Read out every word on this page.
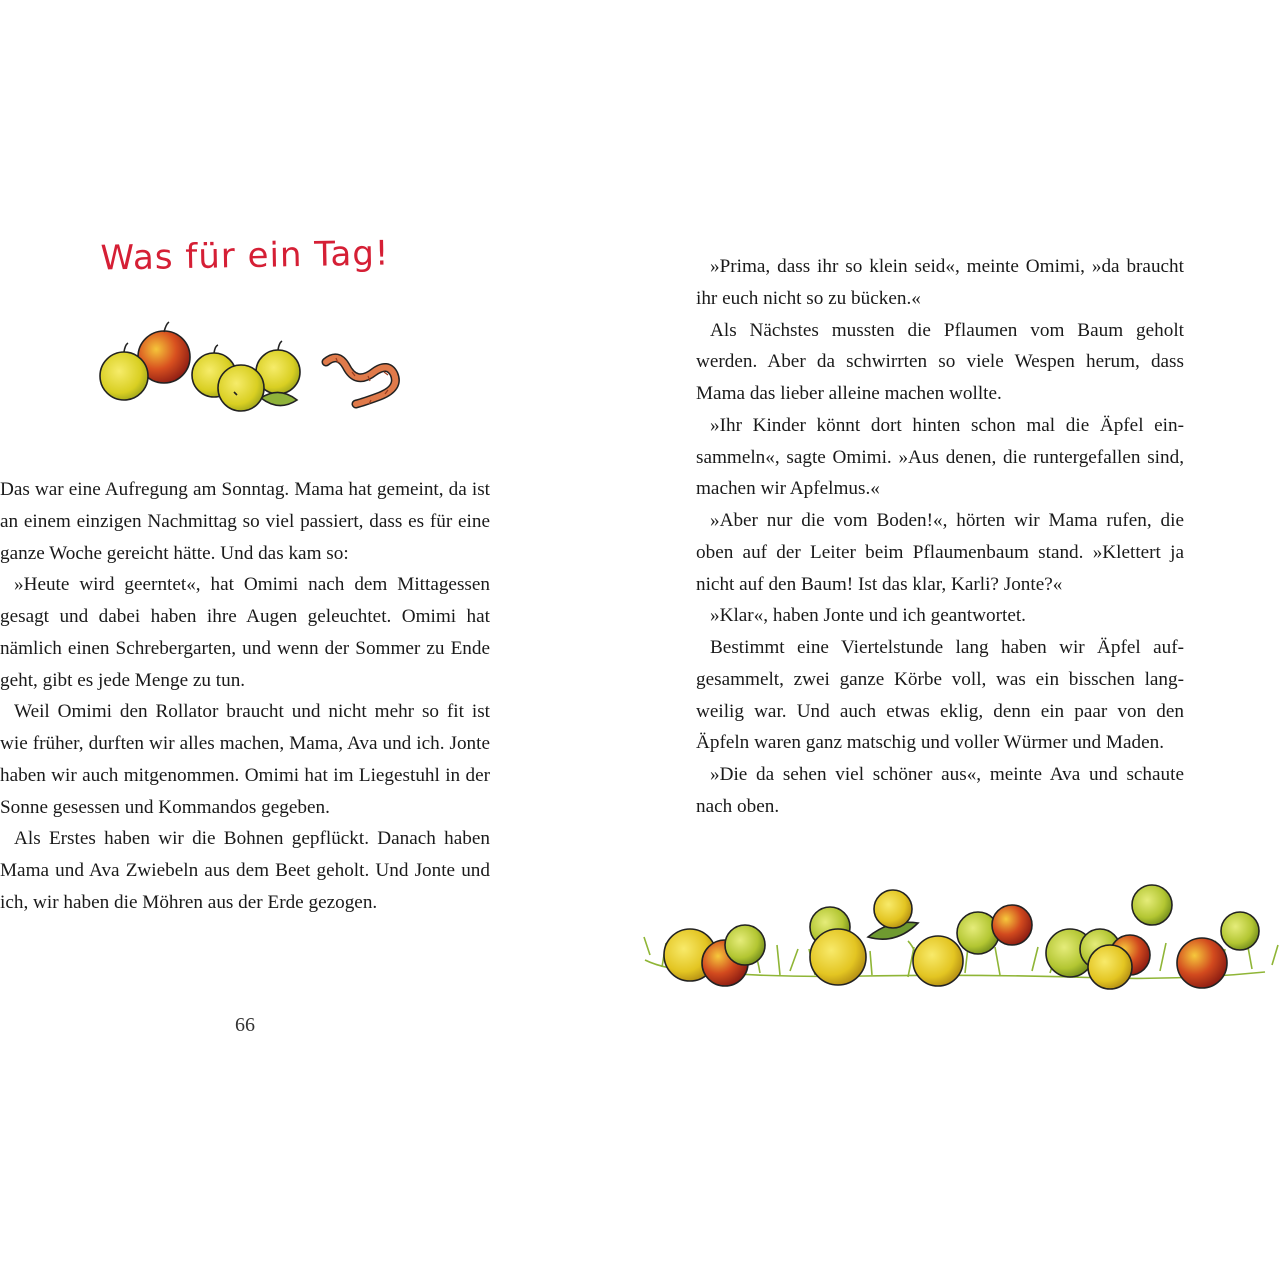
Was für ein Tag!

Das war eine Aufregung am Sonntag. Mama hat gemeint, da ist an einem einzigen Nachmittag so viel passiert, dass es für eine ganze Woche gereicht hätte. Und das kam so:

»Heute wird geerntet«, hat Omimi nach dem Mittagessen gesagt und dabei haben ihre Augen geleuchtet. Omimi hat nämlich einen Schrebergarten, und wenn der Sommer zu Ende geht, gibt es jede Menge zu tun.

Weil Omimi den Rollator braucht und nicht mehr so fit ist wie früher, durften wir alles machen, Mama, Ava und ich. Jonte haben wir auch mitgenommen. Omimi hat im Liegestuhl in der Sonne gesessen und Kommandos gegeben.

Als Erstes haben wir die Bohnen gepflückt. Danach haben Mama und Ava Zwiebeln aus dem Beet geholt. Und Jonte und ich, wir haben die Möhren aus der Erde gezogen.

66

»Prima, dass ihr so klein seid«, meinte Omimi, »da braucht ihr euch nicht so zu bücken.«

Als Nächstes mussten die Pflaumen vom Baum geholt werden. Aber da schwirrten so viele Wespen herum, dass Mama das lieber alleine machen wollte.

»Ihr Kinder könnt dort hinten schon mal die Äpfel einsammeln«, sagte Omimi. »Aus denen, die runtergefallen sind, machen wir Apfelmus.«

»Aber nur die vom Boden!«, hörten wir Mama rufen, die oben auf der Leiter beim Pflaumenbaum stand. »Klettert ja nicht auf den Baum! Ist das klar, Karli? Jonte?«

»Klar«, haben Jonte und ich geantwortet.

Bestimmt eine Viertelstunde lang haben wir Äpfel aufgesammelt, zwei ganze Körbe voll, was ein bisschen langweilig war. Und auch etwas eklig, denn ein paar von den Äpfeln waren ganz matschig und voller Würmer und Maden.

»Die da sehen viel schöner aus«, meinte Ava und schaute nach oben.
